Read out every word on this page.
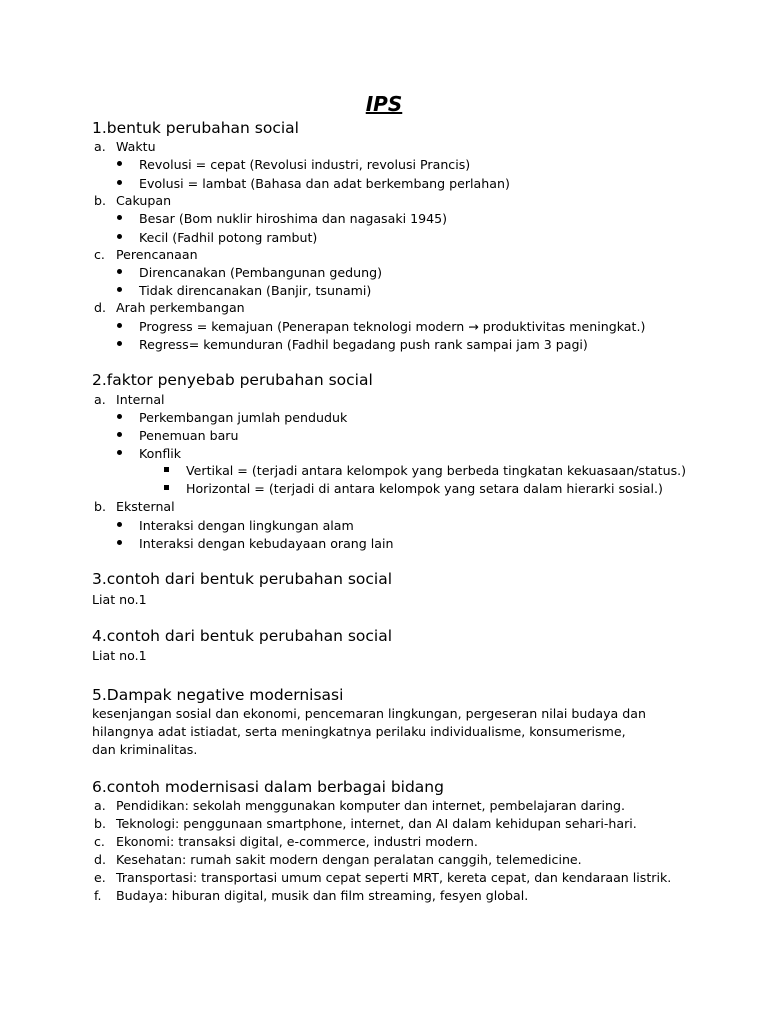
IPS
1.bentuk perubahan social
a. Waktu
Revolusi = cepat (Revolusi industri, revolusi Prancis)
Evolusi = lambat (Bahasa dan adat berkembang perlahan)
b. Cakupan
Besar (Bom nuklir hiroshima dan nagasaki 1945)
Kecil (Fadhil potong rambut)
c. Perencanaan
Direncanakan (Pembangunan gedung)
Tidak direncanakan (Banjir, tsunami)
d. Arah perkembangan
Progress = kemajuan (Penerapan teknologi modern → produktivitas meningkat.)
Regress= kemunduran (Fadhil begadang push rank sampai jam 3 pagi)
2.faktor penyebab perubahan social
a. Internal
Perkembangan jumlah penduduk
Penemuan baru
Konflik
Vertikal = (terjadi antara kelompok yang berbeda tingkatan kekuasaan/status.)
Horizontal = (terjadi di antara kelompok yang setara dalam hierarki sosial.)
b. Eksternal
Interaksi dengan lingkungan alam
Interaksi dengan kebudayaan orang lain
3.contoh dari bentuk perubahan social
Liat no.1
4.contoh dari bentuk perubahan social
Liat no.1
5.Dampak negative modernisasi
kesenjangan sosial dan ekonomi, pencemaran lingkungan, pergeseran nilai budaya dan hilangnya adat istiadat, serta meningkatnya perilaku individualisme, konsumerisme, dan kriminalitas.
6.contoh modernisasi dalam berbagai bidang
a. Pendidikan: sekolah menggunakan komputer dan internet, pembelajaran daring.
b. Teknologi: penggunaan smartphone, internet, dan AI dalam kehidupan sehari-hari.
c. Ekonomi: transaksi digital, e-commerce, industri modern.
d. Kesehatan: rumah sakit modern dengan peralatan canggih, telemedicine.
e. Transportasi: transportasi umum cepat seperti MRT, kereta cepat, dan kendaraan listrik.
f. Budaya: hiburan digital, musik dan film streaming, fesyen global.
